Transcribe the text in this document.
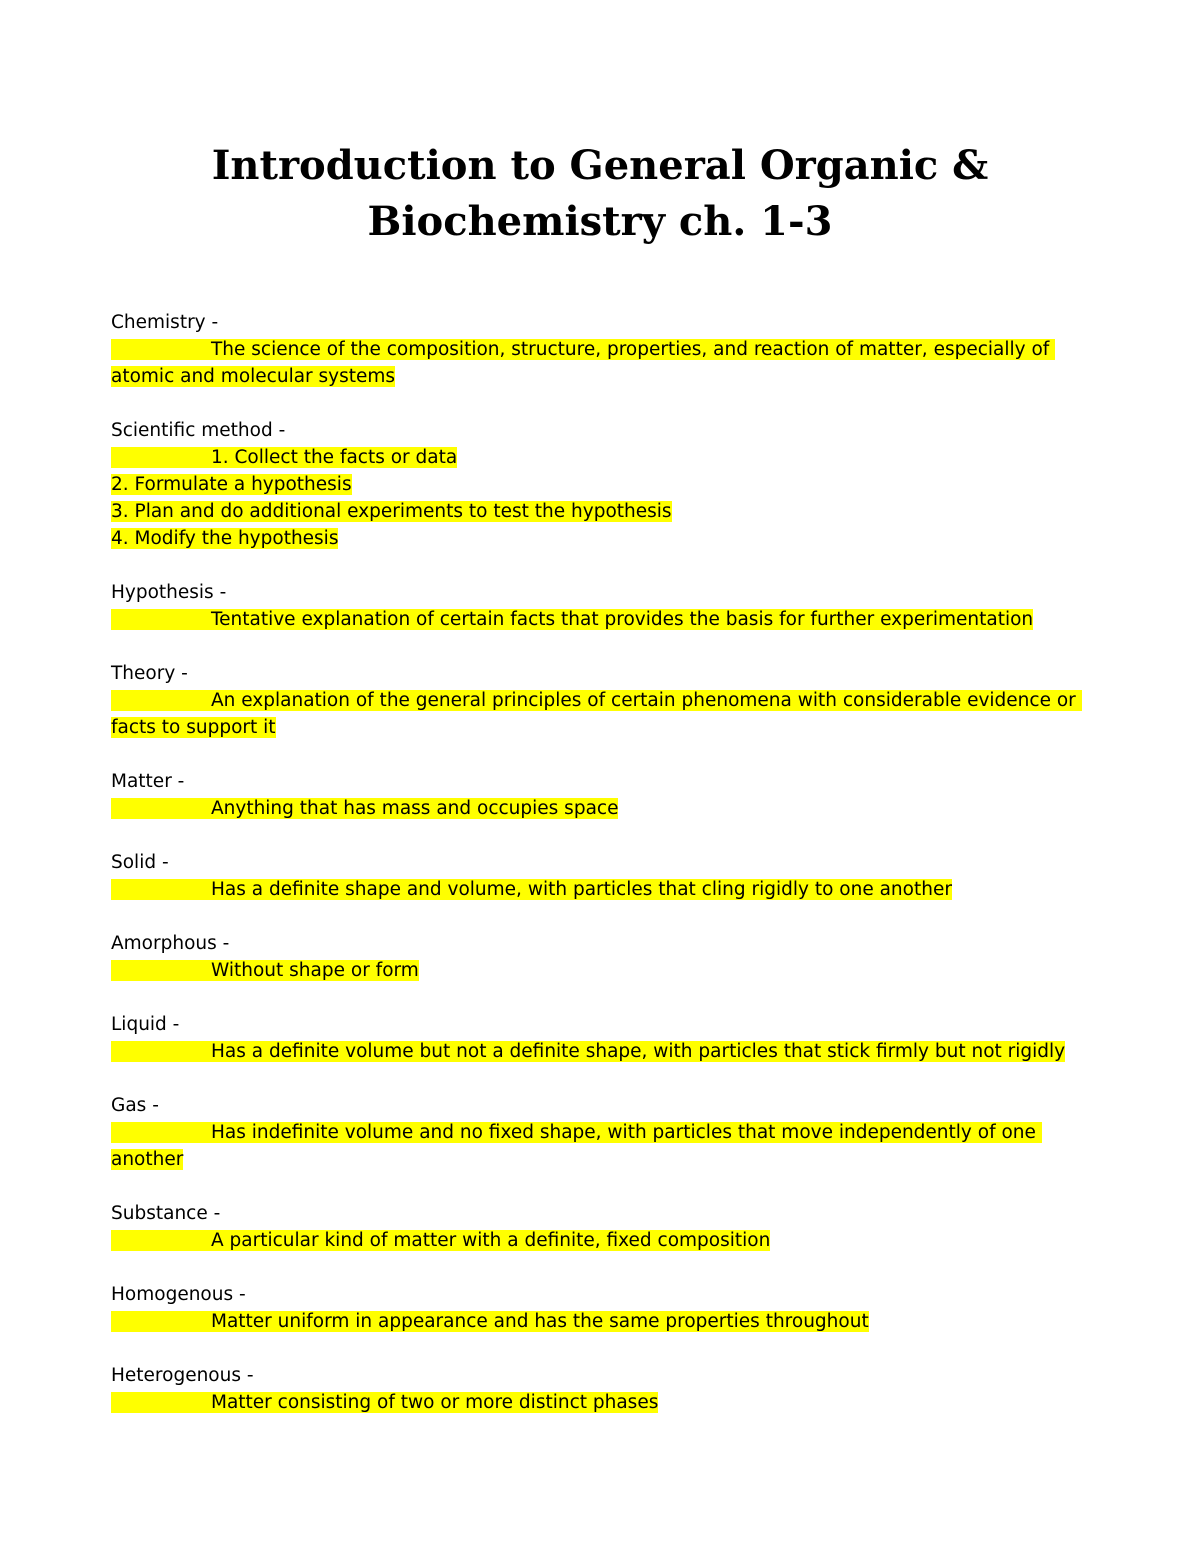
Introduction to General Organic &
Biochemistry ch. 1-3
Chemistry -
The science of the composition, structure, properties, and reaction of matter, especially of atomic and molecular systems
Scientific method -
1. Collect the facts or data
2. Formulate a hypothesis
3. Plan and do additional experiments to test the hypothesis
4. Modify the hypothesis
Hypothesis -
Tentative explanation of certain facts that provides the basis for further experimentation
Theory -
An explanation of the general principles of certain phenomena with considerable evidence or facts to support it
Matter -
Anything that has mass and occupies space
Solid -
Has a definite shape and volume, with particles that cling rigidly to one another
Amorphous -
Without shape or form
Liquid -
Has a definite volume but not a definite shape, with particles that stick firmly but not rigidly
Gas -
Has indefinite volume and no fixed shape, with particles that move independently of one another
Substance -
A particular kind of matter with a definite, fixed composition
Homogenous -
Matter uniform in appearance and has the same properties throughout
Heterogenous -
Matter consisting of two or more distinct phases
